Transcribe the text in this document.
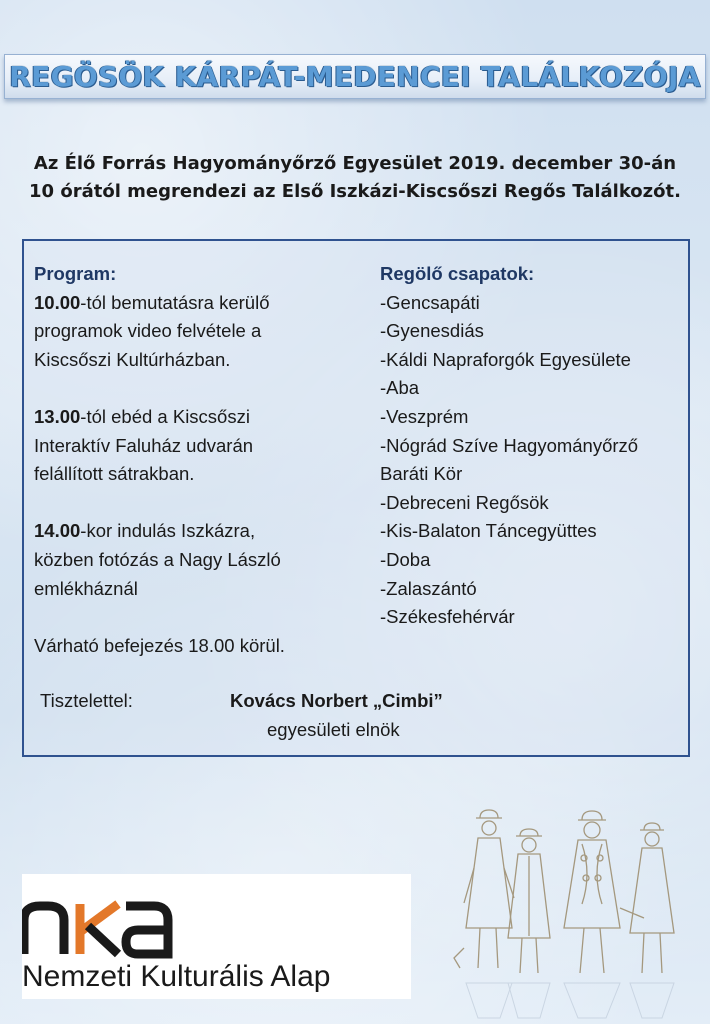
REGÖSÖK KÁRPÁT-MEDENCEI TALÁLKOZÓJA
Az Élő Forrás Hagyományőrző Egyesület 2019. december 30-án
10 órától megrendezi az Első Iszkázi-Kiscsőszi Regős Találkozót.

Program:

10.00-tól bemutatásra kerülő

programok video felvétele a

Kiscsőszi Kultúrházban.

13.00-tól ebéd a Kiscsőszi

Interaktív Faluház udvarán

felállított sátrakban.

14.00-kor indulás Iszkázra,

közben fotózás a Nagy László

emlékháznál

Várható befejezés 18.00 körül.

Regölő csapatok:

-Gencsapáti

-Gyenesdiás

-Káldi Napraforgók Egyesülete

-Aba

-Veszprém

-Nógrád Szíve Hagyományőrző

Baráti Kör

-Debreceni Regősök

-Kis-Balaton Táncegyüttes

-Doba

-Zalaszántó

-Székesfehérvár

Tisztelettel:	Kovács Norbert „Cimbi”
egyesületi elnök
Nemzeti Kulturális Alap
